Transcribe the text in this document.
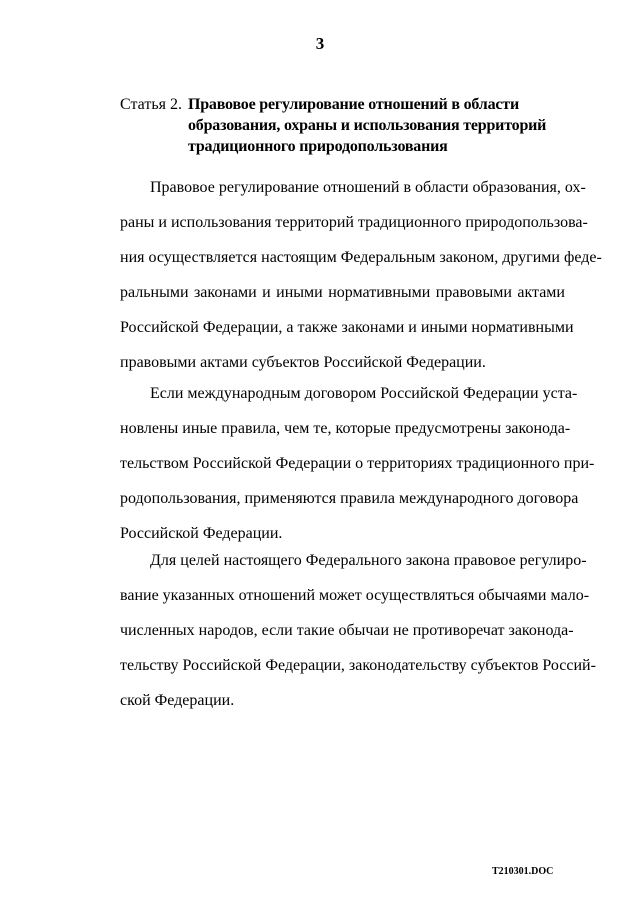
3
Статья 2. Правовое регулирование отношений в области
образования, охраны и использования территорий
традиционного природопользования
Правовое регулирование отношений в области образования, ох-
раны и использования территорий традиционного природопользова-
ния осуществляется настоящим Федеральным законом, другими феде-
ральными законами и иными нормативными правовыми актами
Российской Федерации, а также законами и иными нормативными
правовыми актами субъектов Российской Федерации.
Если международным договором Российской Федерации уста-
новлены иные правила, чем те, которые предусмотрены законода-
тельством Российской Федерации о территориях традиционного при-
родопользования, применяются правила международного договора
Российской Федерации.
Для целей настоящего Федерального закона правовое регулиро-
вание указанных отношений может осуществляться обычаями мало-
численных народов, если такие обычаи не противоречат законода-
тельству Российской Федерации, законодательству субъектов Россий-
ской Федерации.
T210301.DOC
